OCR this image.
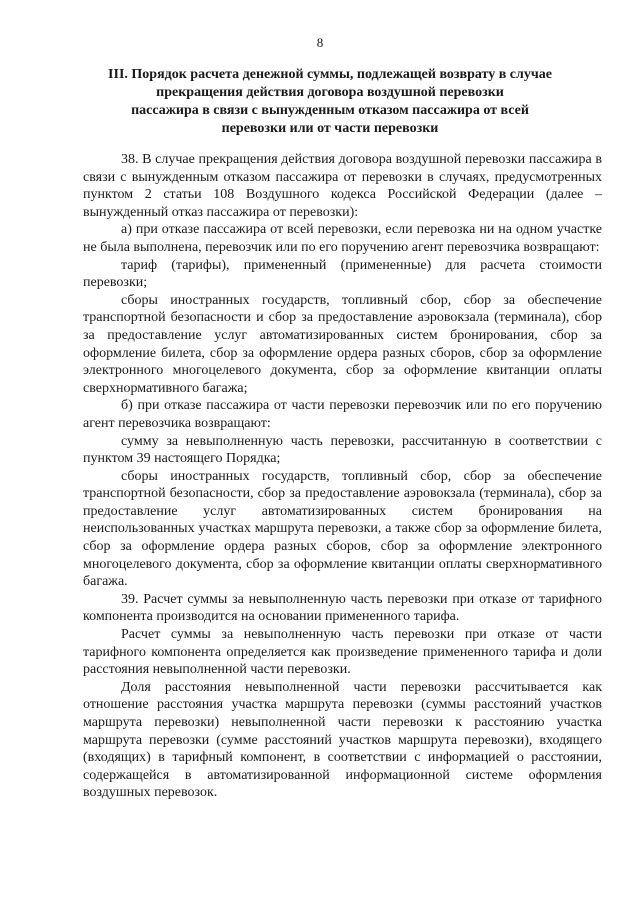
8
III. Порядок расчета денежной суммы, подлежащей возврату в случае
прекращения действия договора воздушной перевозки
пассажира в связи с вынужденным отказом пассажира от всей
перевозки или от части перевозки

38. В случае прекращения действия договора воздушной перевозки пассажира в связи с вынужденным отказом пассажира от перевозки в случаях, предусмотренных пунктом 2 статьи 108 Воздушного кодекса Российской Федерации (далее – вынужденный отказ пассажира от перевозки):

а) при отказе пассажира от всей перевозки, если перевозка ни на одном участке не была выполнена, перевозчик или по его поручению агент перевозчика возвращают:

тариф (тарифы), примененный (примененные) для расчета стоимости перевозки;

сборы иностранных государств, топливный сбор, сбор за обеспечение транспортной безопасности и сбор за предоставление аэровокзала (терминала), сбор за предоставление услуг автоматизированных систем бронирования, сбор за оформление билета, сбор за оформление ордера разных сборов, сбор за оформление электронного многоцелевого документа, сбор за оформление квитанции оплаты сверхнормативного багажа;

б) при отказе пассажира от части перевозки перевозчик или по его поручению агент перевозчика возвращают:

сумму за невыполненную часть перевозки, рассчитанную в соответствии с пунктом 39 настоящего Порядка;

сборы иностранных государств, топливный сбор, сбор за обеспечение транспортной безопасности, сбор за предоставление аэровокзала (терминала), сбор за предоставление услуг автоматизированных систем бронирования на неиспользованных участках маршрута перевозки, а также сбор за оформление билета, сбор за оформление ордера разных сборов, сбор за оформление электронного многоцелевого документа, сбор за оформление квитанции оплаты сверхнормативного багажа.

39. Расчет суммы за невыполненную часть перевозки при отказе от тарифного компонента производится на основании примененного тарифа.

Расчет суммы за невыполненную часть перевозки при отказе от части тарифного компонента определяется как произведение примененного тарифа и доли расстояния невыполненной части перевозки.

Доля расстояния невыполненной части перевозки рассчитывается как отношение расстояния участка маршрута перевозки (суммы расстояний участков маршрута перевозки) невыполненной части перевозки к расстоянию участка маршрута перевозки (сумме расстояний участков маршрута перевозки), входящего (входящих) в тарифный компонент, в соответствии с информацией о расстоянии, содержащейся в автоматизированной информационной системе оформления воздушных перевозок.
